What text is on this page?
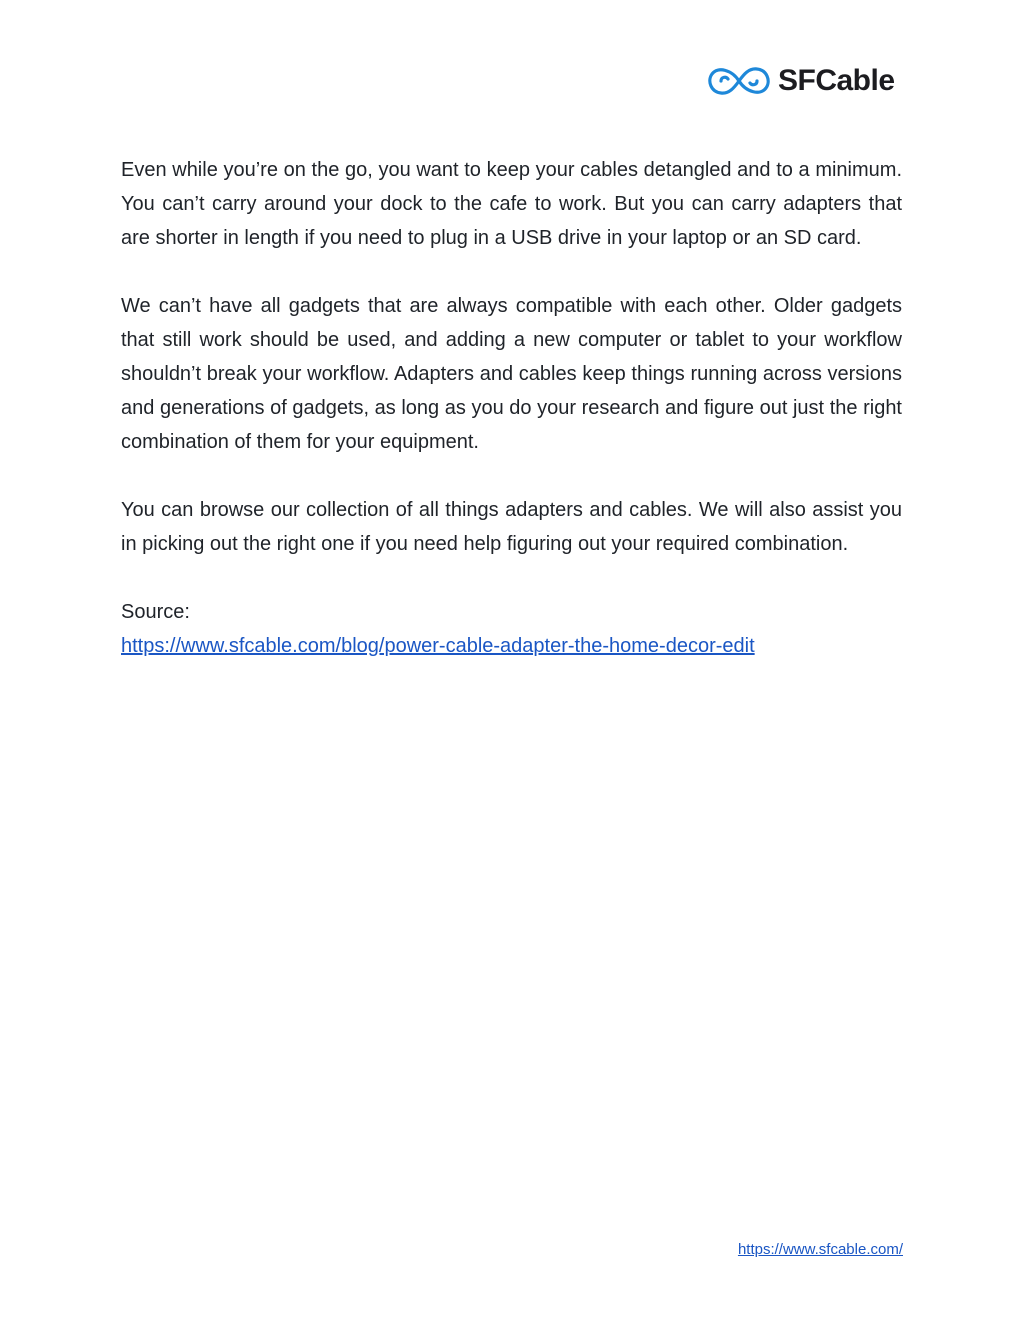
SFCable

Even while you’re on the go, you want to keep your cables detangled and to a minimum. You can’t carry around your dock to the cafe to work. But you can carry adapters that are shorter in length if you need to plug in a USB drive in your laptop or an SD card.

We can’t have all gadgets that are always compatible with each other. Older gadgets that still work should be used, and adding a new computer or tablet to your workflow shouldn’t break your workflow. Adapters and cables keep things running across versions and generations of gadgets, as long as you do your research and figure out just the right combination of them for your equipment.

You can browse our collection of all things adapters and cables. We will also assist you in picking out the right one if you need help figuring out your required combination.

Source:
https://www.sfcable.com/blog/power-cable-adapter-the-home-decor-edit

https://www.sfcable.com/
